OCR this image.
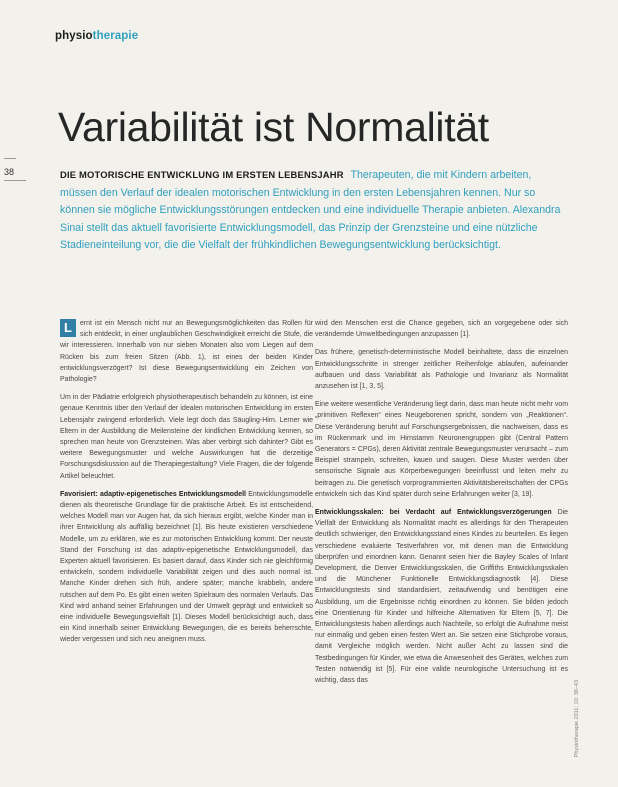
physiotherapie
38
Variabilität ist Normalität

DIE MOTORISCHE ENTWICKLUNG IM ERSTEN LEBENSJAHR Therapeuten, die mit Kindern arbeiten, müssen den Verlauf der idealen motorischen Entwicklung in den ersten Lebensjahren kennen. Nur so können sie mögliche Entwicklungsstörungen entdecken und eine individuelle Therapie anbieten. Alexandra Sinai stellt das aktuell favorisierte Entwicklungsmodell, das Prinzip der Grenzsteine und eine nützliche Stadieneinteilung vor, die die Vielfalt der frühkindlichen Bewegungsentwicklung berücksichtigt.

L	ernt ist ein Mensch nicht nur an Bewegungsmöglichkeiten das Rollen für sich entdeckt, in einer unglaublichen Geschwindigkeit erreicht die Stufe, die wir interessieren. Innerhalb von nur sieben Monaten also vom Liegen auf dem Rücken bis zum freien Sitzen (Abb. 1), ist eines der beiden Kinder entwicklungsverzögert? Ist diese Bewegungsentwicklung ein Zeichen von Pathologie?

Um in der Pädiatrie erfolgreich physiotherapeutisch behandeln zu können, ist eine genaue Kenntnis über den Verlauf der idealen motorischen Entwicklung im ersten Lebensjahr zwingend erforderlich. Viele legt doch das Säugling-Hirn. Lerner wie Eltern in der Ausbildung die Meilensteine der kindlichen Entwicklung kennen, so sprechen man heute von Grenzsteinen. Was aber verbirgt sich dahinter? Gibt es weitere Bewegungsmuster und welche Auswirkungen hat die derzeitige Forschungsdiskussion auf die Therapiegestaltung? Viele Fragen, die der folgende Artikel beleuchtet.

Favorisiert: adaptiv-epigenetisches Entwicklungsmodell Entwicklungsmodelle dienen als theoretische Grundlage für die praktische Arbeit. Es ist entscheidend, welches Modell man vor Augen hat, da sich hieraus ergibt, welche Kinder man in ihrer Entwicklung als auffällig bezeichnet [1]. Bis heute existieren verschiedene Modelle, um zu erklären, wie es zur motorischen Entwicklung kommt. Der neuste Stand der Forschung ist das adaptiv-epigenetische Entwicklungsmodell, das Experten aktuell favorisieren. Es basiert darauf, dass Kinder sich nie gleichförmig entwickeln, sondern individuelle Variabilität zeigen und dies auch normal ist. Manche Kinder drehen sich früh, andere später; manche krabbeln, andere rutschen auf dem Po. Es gibt einen weiten Spielraum des normalen Verlaufs. Das Kind wird anhand seiner Erfahrungen und der Umwelt geprägt und entwickelt so eine individuelle Bewegungsvielfalt [1]. Dieses Modell berücksichtigt auch, dass ein Kind innerhalb seiner Entwicklung Bewegungen, die es bereits beherrschte, wieder vergessen und sich neu aneignen muss.

wird den Menschen erst die Chance gegeben, sich an vorgegebene oder sich verändernde Umweltbedingungen anzupassen [1].

Das frühere, genetisch-deterministische Modell beinhaltete, dass die einzelnen Entwicklungsschritte in strenger zeitlicher Reihenfolge ablaufen, aufeinander aufbauen und dass Variabilität als Pathologie und Invarianz als Normalität anzusehen ist [1, 3, 5].

Eine weitere wesentliche Veränderung liegt darin, dass man heute nicht mehr vom „primitiven Reflexen“ eines Neugeborenen spricht, sondern von „Reaktionen“. Diese Veränderung beruht auf Forschungsergebnissen, die nachweisen, dass es im Rückenmark und im Hirnstamm Neuronengruppen gibt (Central Pattern Generators = CPGs), deren Aktivität zentrale Bewegungsmuster verursacht – zum Beispiel strampeln, schreiten, kauen und saugen. Diese Muster werden über sensorische Signale aus Körperbewegungen beeinflusst und leiten mehr zu beitragen zu. Die genetisch vorprogrammierten Aktivitätsbereitschaften der CPGs entwickeln sich das Kind später durch seine Erfahrungen weiter [3, 19].

Entwicklungsskalen: bei Verdacht auf Entwicklungsverzögerungen Die Vielfalt der Entwicklung als Normalität macht es allerdings für den Therapeuten deutlich schwieriger, den Entwicklungsstand eines Kindes zu beurteilen. Es liegen verschiedene evaluierte Testverfahren vor, mit denen man die Entwicklung überprüfen und einordnen kann. Genannt seien hier die Bayley Scales of Infant Development, die Denver Entwicklungsskalen, die Griffiths Entwicklungsskalen und die Münchener Funktionelle Entwicklungsdiagnostik [4]. Diese Entwicklungstests sind standardisiert, zeitaufwendig und benötigen eine Ausbildung, um die Ergebnisse richtig einordnen zu können. Sie bilden jedoch eine Orientierung für Kinder und hilfreiche Alternativen für Eltern [5, 7]. Die Entwicklungstests haben allerdings auch Nachteile, so erfolgt die Aufnahme meist nur einmalig und geben einen festen Wert an. Sie setzen eine Stichprobe voraus, damit Vergleiche möglich werden. Nicht außer Acht zu lassen sind die Testbedingungen für Kinder, wie etwa die Anwesenheit des Gerätes, welches zum Testen notwendig ist [5]. Für eine valide neurologische Untersuchung ist es wichtig, dass das	Physiotherapie 2011; 10: 38–43
